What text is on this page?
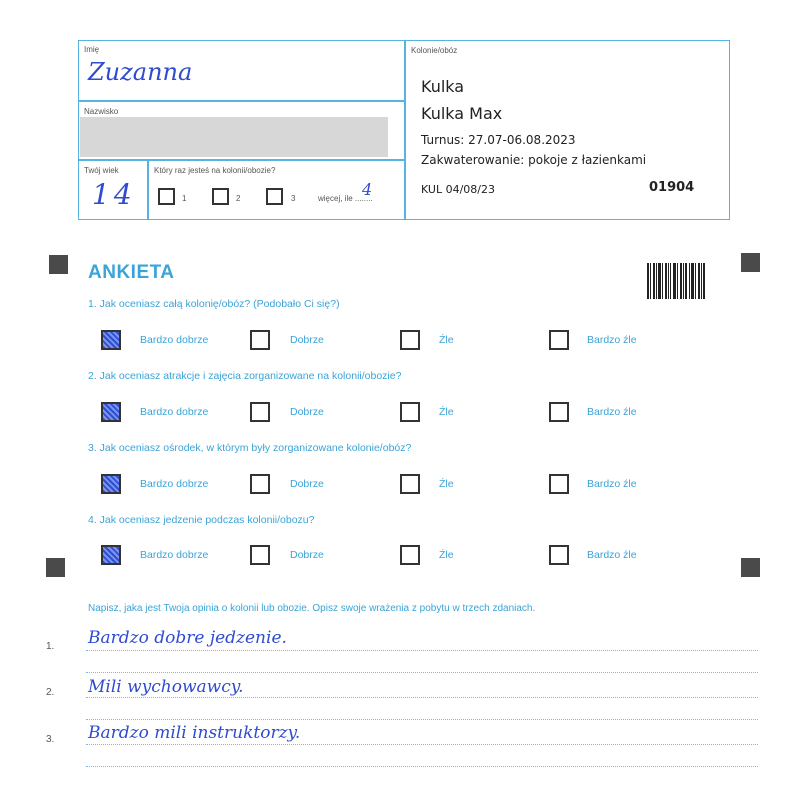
Imię
Zuzanna
Nazwisko
Twój wiek
14
Który raz jesteś na kolonii/obozie?
1	2	3	więcej, ile ........
4
Kolonie/obóz
Kulka
Kulka Max
Turnus: 27.07-06.08.2023
Zakwaterowanie: pokoje z łazienkami
KUL 04/08/23	01904
ANKIETA
1. Jak oceniasz całą kolonię/obóz? (Podobało Ci się?)
Bardzo dobrze	Dobrze	Źle	Bardzo źle
2. Jak oceniasz atrakcje i zajęcia zorganizowane na kolonii/obozie?
Bardzo dobrze	Dobrze	Źle	Bardzo źle
3. Jak oceniasz ośrodek, w którym były zorganizowane kolonie/obóz?
Bardzo dobrze	Dobrze	Źle	Bardzo źle
4. Jak oceniasz jedzenie podczas kolonii/obozu?
Bardzo dobrze	Dobrze	Źle	Bardzo źle
Napisz, jaka jest Twoja opinia o kolonii lub obozie. Opisz swoje wrażenia z pobytu w trzech zdaniach.
1. Bardzo dobre jedzenie.
2. Mili wychowawcy.
3. Bardzo mili instruktorzy.
